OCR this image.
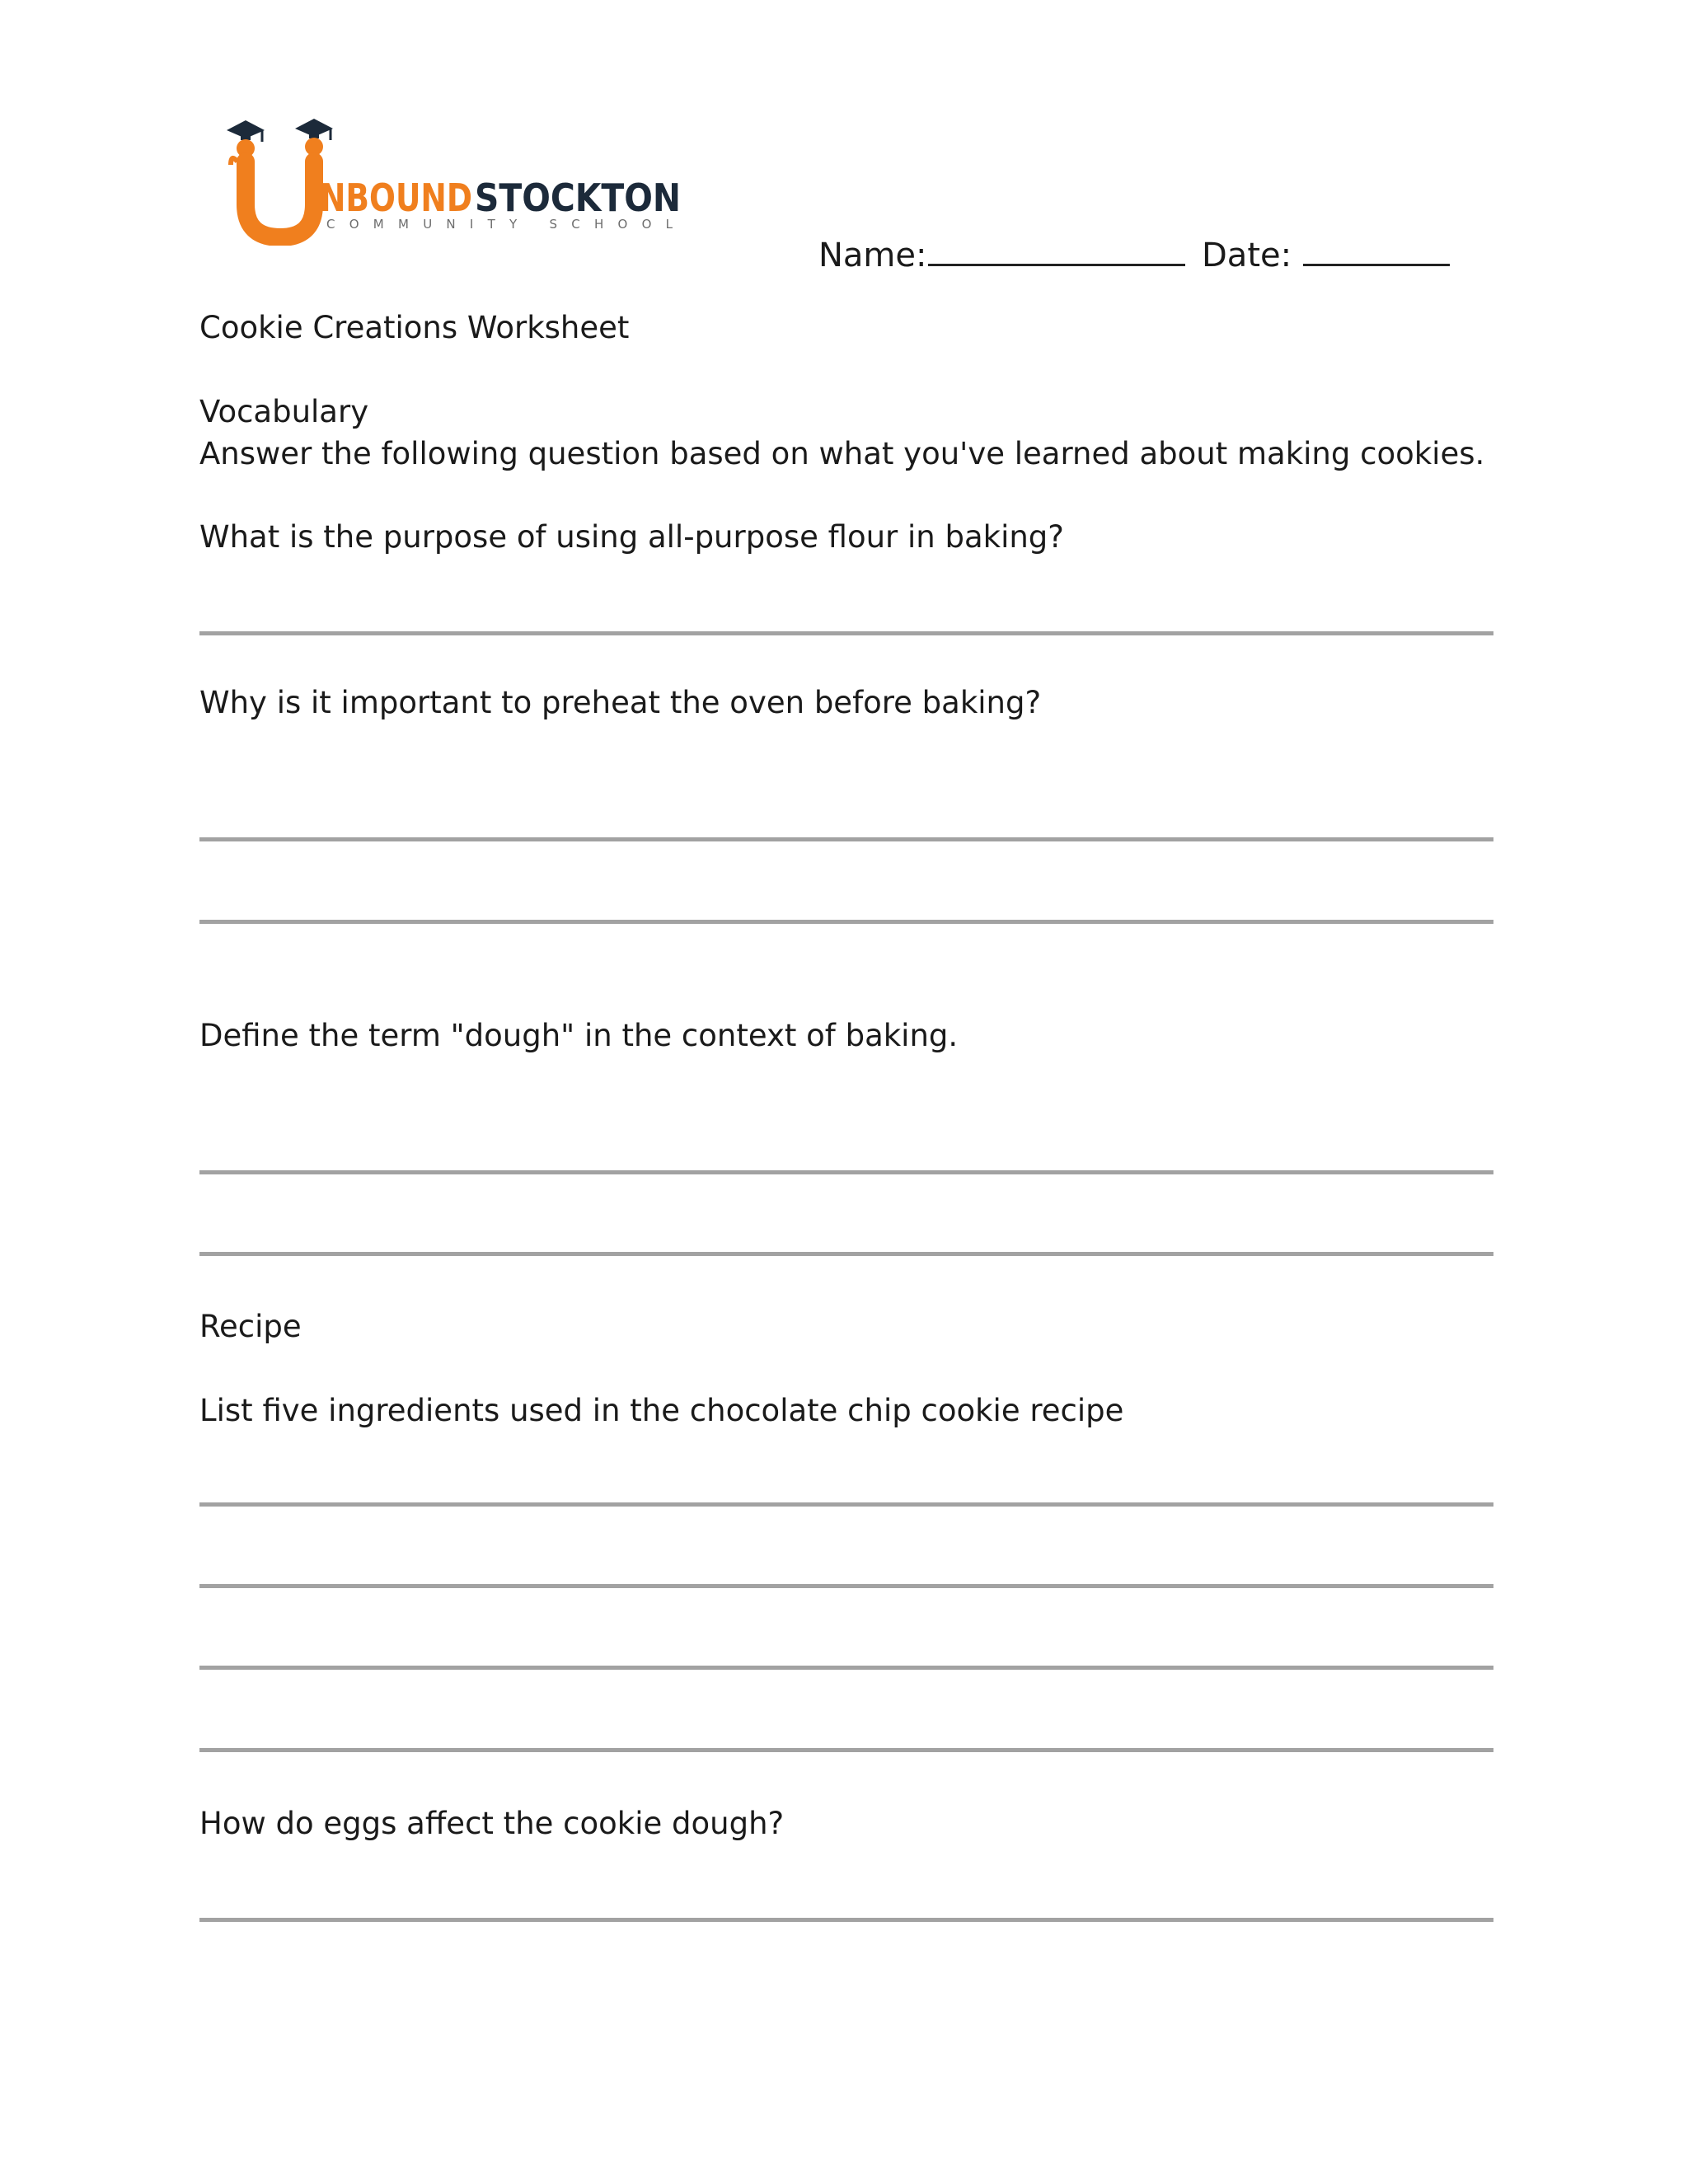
NBOUND STOCKTON
COMMUNITY SCHOOL
Name:	Date:
Cookie Creations Worksheet
Vocabulary
Answer the following question based on what you've learned about making cookies.
What is the purpose of using all-purpose flour in baking?
Why is it important to preheat the oven before baking?
Define the term "dough" in the context of baking.
Recipe
List five ingredients used in the chocolate chip cookie recipe
How do eggs affect the cookie dough?
